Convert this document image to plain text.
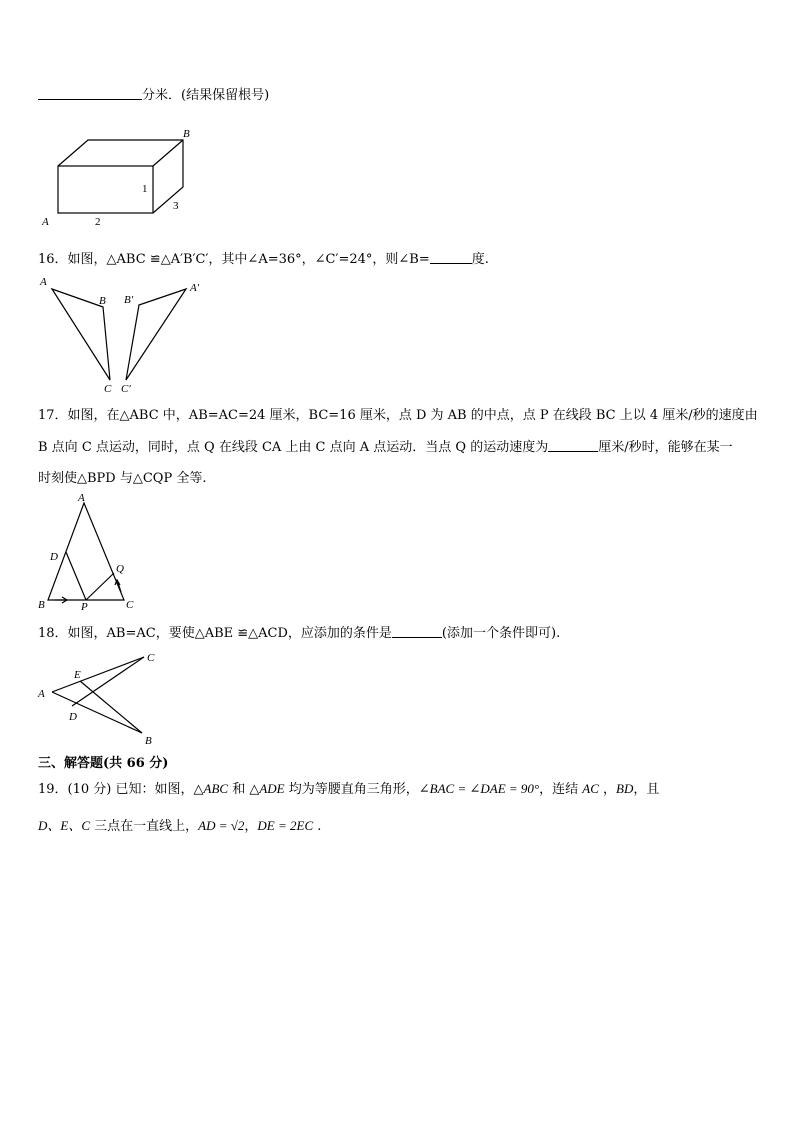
分米．(结果保留根号)
B
A	2
3
1
16．如图，△ABC ≌△A′B′C′，其中∠A=36°，∠C′=24°，则∠B=	度.
A
B
C
A′
B′
C′
17．如图，在△ABC 中，AB=AC=24 厘米，BC=16 厘米，点 D 为 AB 的中点，点 P 在线段 BC 上以 4 厘米/秒的速度由
B 点向 C 点运动，同时，点 Q 在线段 CA 上由 C 点向 A 点运动．当点 Q 的运动速度为	厘米/秒时，能够在某一
时刻使△BPD 与△CQP 全等.
A
D
Q
B	P	C
18．如图，AB=AC，要使△ABE ≌△ACD，应添加的条件是	(添加一个条件即可).
C
E
A
D
B
三、解答题(共 66 分)
19．(10 分) 已知：如图，△ABC 和 △ADE 均为等腰直角三角形，∠BAC = ∠DAE = 90°，连结 AC ，BD，且
D、E、C 三点在一直线上，AD = √2，DE = 2EC .
